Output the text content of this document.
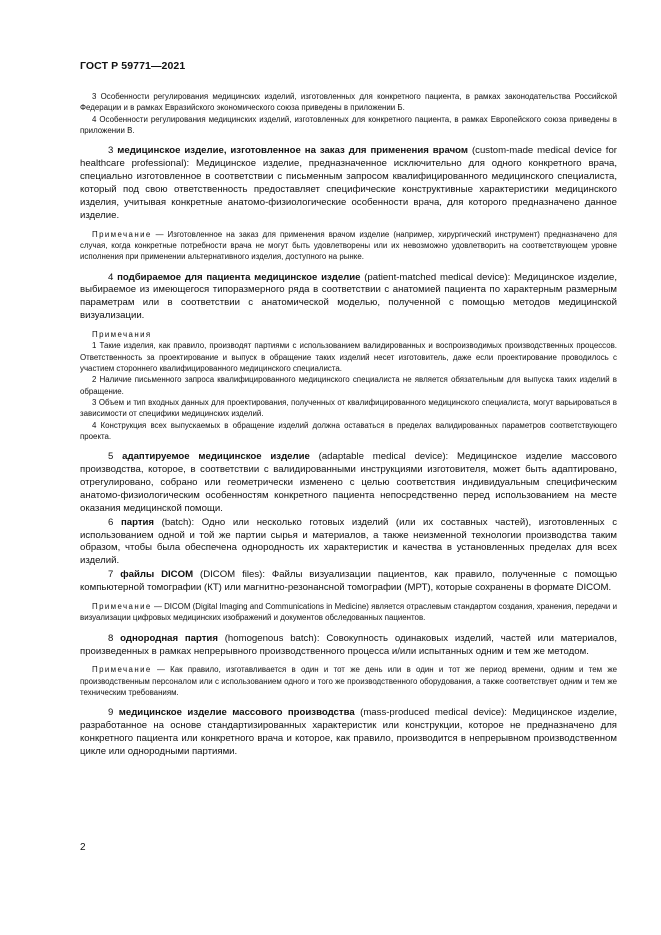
ГОСТ Р 59771—2021

3 Особенности регулирования медицинских изделий, изготовленных для конкретного пациента, в рамках законодательства Российской Федерации и в рамках Евразийского экономического союза приведены в приложении Б.

4 Особенности регулирования медицинских изделий, изготовленных для конкретного пациента, в рамках Европейского союза приведены в приложении В.

3 медицинское изделие, изготовленное на заказ для применения врачом (custom-made medical device for healthcare professional): Медицинское изделие, предназначенное исключительно для одного конкретного врача, специально изготовленное в соответствии с письменным запросом квалифицированного медицинского специалиста, который под свою ответственность предоставляет специфические конструктивные характеристики медицинского изделия, учитывая конкретные анатомо-физиологические особенности врача, для которого предназначено данное изделие.

Примечание — Изготовленное на заказ для применения врачом изделие (например, хирургический инструмент) предназначено для случая, когда конкретные потребности врача не могут быть удовлетворены или их невозможно удовлетворить на соответствующем уровне исполнения при применении альтернативного изделия, доступного на рынке.

4 подбираемое для пациента медицинское изделие (patient-matched medical device): Медицинское изделие, выбираемое из имеющегося типоразмерного ряда в соответствии с анатомией пациента по характерным размерным параметрам или в соответствии с анатомической моделью, полученной с помощью методов медицинской визуализации.

Примечания

1 Такие изделия, как правило, производят партиями с использованием валидированных и воспроизводимых производственных процессов. Ответственность за проектирование и выпуск в обращение таких изделий несет изготовитель, даже если проектирование проводилось с участием стороннего квалифицированного медицинского специалиста.

2 Наличие письменного запроса квалифицированного медицинского специалиста не является обязательным для выпуска таких изделий в обращение.

3 Объем и тип входных данных для проектирования, полученных от квалифицированного медицинского специалиста, могут варьироваться в зависимости от специфики медицинских изделий.

4 Конструкция всех выпускаемых в обращение изделий должна оставаться в пределах валидированных параметров соответствующего проекта.

5 адаптируемое медицинское изделие (adaptable medical device): Медицинское изделие массового производства, которое, в соответствии с валидированными инструкциями изготовителя, может быть адаптировано, отрегулировано, собрано или геометрически изменено с целью соответствия индивидуальным специфическим анатомо-физиологическим особенностям конкретного пациента непосредственно перед использованием на месте оказания медицинской помощи.

6 партия (batch): Одно или несколько готовых изделий (или их составных частей), изготовленных с использованием одной и той же партии сырья и материалов, а также неизменной технологии производства таким образом, чтобы была обеспечена однородность их характеристик и качества в установленных пределах для всех изделий.

7 файлы DICOM (DICOM files): Файлы визуализации пациентов, как правило, полученные с помощью компьютерной томографии (КТ) или магнитно-резонансной томографии (МРТ), которые сохранены в формате DICOM.

Примечание — DICOM (Digital Imaging and Communications in Medicine) является отраслевым стандартом создания, хранения, передачи и визуализации цифровых медицинских изображений и документов обследованных пациентов.

8 однородная партия (homogenous batch): Совокупность одинаковых изделий, частей или материалов, произведенных в рамках непрерывного производственного процесса и/или испытанных одним и тем же методом.

Примечание — Как правило, изготавливается в один и тот же день или в один и тот же период времени, одним и тем же производственным персоналом или с использованием одного и того же производственного оборудования, а также соответствует одним и тем же техническим требованиям.

9 медицинское изделие массового производства (mass-produced medical device): Медицинское изделие, разработанное на основе стандартизированных характеристик или конструкции, которое не предназначено для конкретного пациента или конкретного врача и которое, как правило, производится в непрерывном производственном цикле или однородными партиями.

2
